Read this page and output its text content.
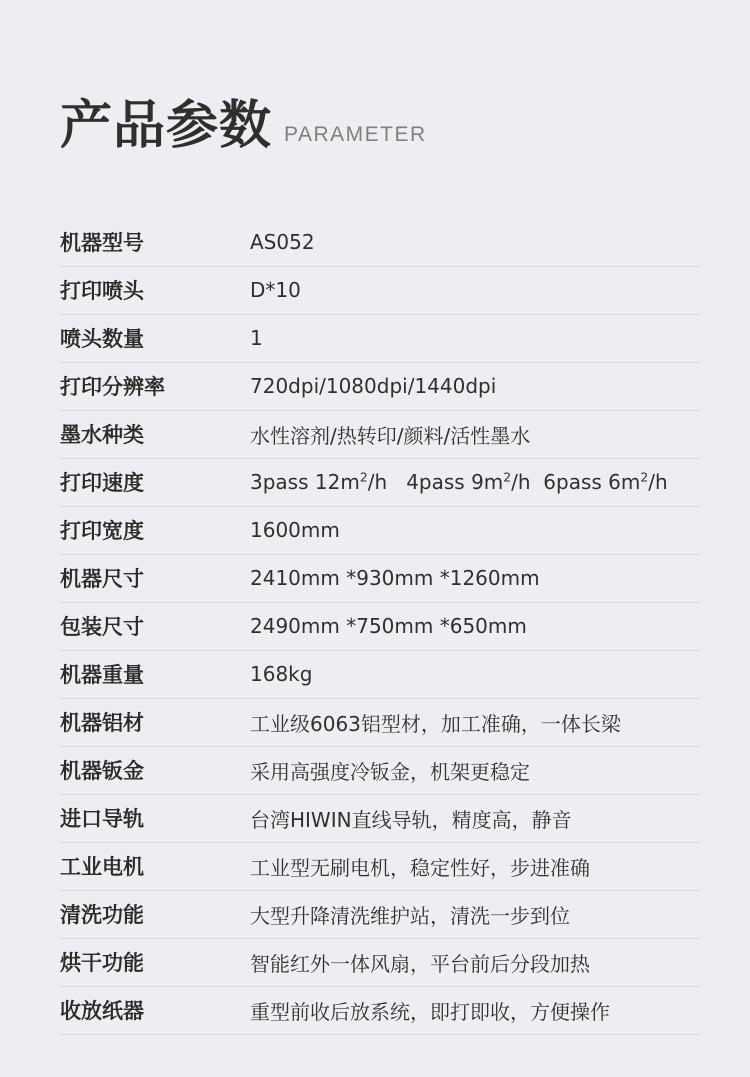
产品参数 PARAMETER
机器型号	AS052
打印喷头	D*10
喷头数量	1
打印分辨率	720dpi/1080dpi/1440dpi
墨水种类	水性溶剂/热转印/颜料/活性墨水
打印速度	3pass $12m^2/h$   4pass $9m^2/h$  6pass $6m^2/h$
打印宽度	1600mm
机器尺寸	2410mm *930mm *1260mm
包装尺寸	2490mm *750mm *650mm
机器重量	168kg
机器铝材	工业级6063铝型材，加工准确，一体长梁
机器钣金	采用高强度冷钣金，机架更稳定
进口导轨	台湾HIWIN直线导轨，精度高，静音
工业电机	工业型无刷电机，稳定性好，步进准确
清洗功能	大型升降清洗维护站，清洗一步到位
烘干功能	智能红外一体风扇，平台前后分段加热
收放纸器	重型前收后放系统，即打即收，方便操作
